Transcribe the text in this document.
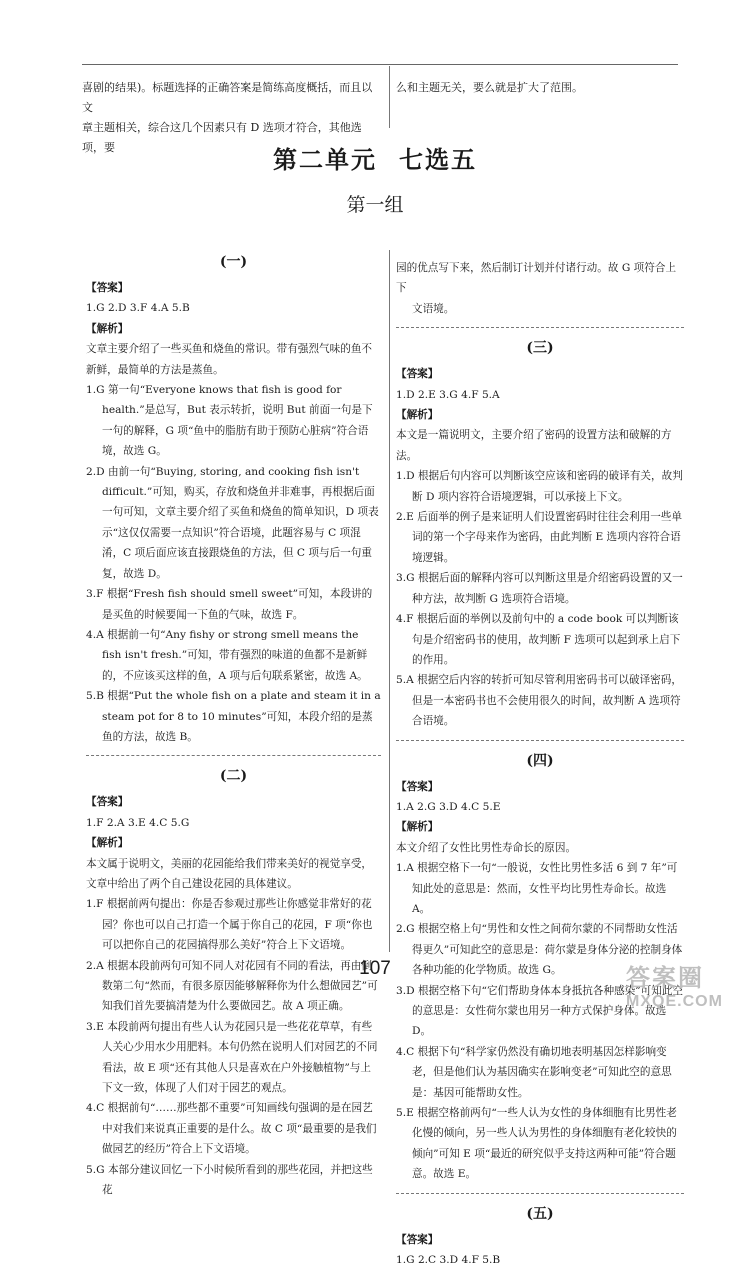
喜剧的结果)。标题选择的正确答案是简练高度概括，而且以文
章主题相关，综合这几个因素只有 D 选项才符合，其他选项，要
么和主题无关，要么就是扩大了范围。
第二单元 七选五
第一组
(一)
【答案】
1.G 2.D 3.F 4.A 5.B
【解析】
文章主要介绍了一些买鱼和烧鱼的常识。带有强烈气味的鱼不新鲜，最简单的方法是蒸鱼。
1.G 第一句“Everyone knows that fish is good for health.”是总写，But 表示转折，说明 But 前面一句是下一句的解释，G 项“鱼中的脂肪有助于预防心脏病”符合语境，故选 G。
2.D 由前一句“Buying, storing, and cooking fish isn't difficult.”可知，购买，存放和烧鱼并非难事，再根据后面一句可知，文章主要介绍了买鱼和烧鱼的简单知识，D 项表示“这仅仅需要一点知识”符合语境，此题容易与 C 项混淆，C 项后面应该直接跟烧鱼的方法，但 C 项与后一句重复，故选 D。
3.F 根据“Fresh fish should smell sweet”可知，本段讲的是买鱼的时候要闻一下鱼的气味，故选 F。
4.A 根据前一句“Any fishy or strong smell means the fish isn't fresh.”可知，带有强烈的味道的鱼都不是新鲜的，不应该买这样的鱼，A 项与后句联系紧密，故选 A。
5.B 根据“Put the whole fish on a plate and steam it in a steam pot for 8 to 10 minutes”可知，本段介绍的是蒸鱼的方法，故选 B。
(二)
【答案】
1.F 2.A 3.E 4.C 5.G
【解析】
本文属于说明文，美丽的花园能给我们带来美好的视觉享受，文章中给出了两个自己建设花园的具体建议。
1.F 根据前两句提出：你是否参观过那些让你感觉非常好的花园？你也可以自己打造一个属于你自己的花园，F 项“你也可以把你自己的花园搞得那么美好”符合上下文语境。
2.A 根据本段前两句可知不同人对花园有不同的看法，再由倒数第二句“然而，有很多原因能够解释你为什么想做园艺”可知我们首先要搞清楚为什么要做园艺。故 A 项正确。
3.E 本段前两句提出有些人认为花园只是一些花花草草，有些人关心少用水少用肥料。本句仍然在说明人们对园艺的不同看法，故 E 项“还有其他人只是喜欢在户外接触植物”与上下文一致，体现了人们对于园艺的观点。
4.C 根据前句“……那些都不重要”可知画线句强调的是在园艺中对我们来说真正重要的是什么。故 C 项“最重要的是我们做园艺的经历”符合上下文语境。
5.G 本部分建议回忆一下小时候所看到的那些花园，并把这些花
园的优点写下来，然后制订计划并付诸行动。故 G 项符合上下
文语境。
(三)
【答案】
1.D 2.E 3.G 4.F 5.A
【解析】
本文是一篇说明文，主要介绍了密码的设置方法和破解的方法。
1.D 根据后句内容可以判断该空应该和密码的破译有关，故判断 D 项内容符合语境逻辑，可以承接上下文。
2.E 后面举的例子是来证明人们设置密码时往往会利用一些单词的第一个字母来作为密码，由此判断 E 选项内容符合语境逻辑。
3.G 根据后面的解释内容可以判断这里是介绍密码设置的又一种方法，故判断 G 选项符合语境。
4.F 根据后面的举例以及前句中的 a code book 可以判断该句是介绍密码书的使用，故判断 F 选项可以起到承上启下的作用。
5.A 根据空后内容的转折可知尽管利用密码书可以破译密码，但是一本密码书也不会使用很久的时间，故判断 A 选项符合语境。
(四)
【答案】
1.A 2.G 3.D 4.C 5.E
【解析】
本文介绍了女性比男性寿命长的原因。
1.A 根据空格下一句“一般说，女性比男性多活 6 到 7 年”可知此处的意思是：然而，女性平均比男性寿命长。故选 A。
2.G 根据空格上句“男性和女性之间荷尔蒙的不同帮助女性活得更久”可知此空的意思是：荷尔蒙是身体分泌的控制身体各种功能的化学物质。故选 G。
3.D 根据空格下句“它们帮助身体本身抵抗各种感染”可知此空的意思是：女性荷尔蒙也用另一种方式保护身体。故选 D。
4.C 根据下句“科学家仍然没有确切地表明基因怎样影响变老，但是他们认为基因确实在影响变老”可知此空的意思是：基因可能帮助女性。
5.E 根据空格前两句“一些人认为女性的身体细胞有比男性老化慢的倾向，另一些人认为男性的身体细胞有老化较快的倾向”可知 E 项“最近的研究似乎支持这两种可能”符合题意。故选 E。
(五)
【答案】
1.G 2.C 3.D 4.F 5.B
107	答案圈
MXQE.COM
